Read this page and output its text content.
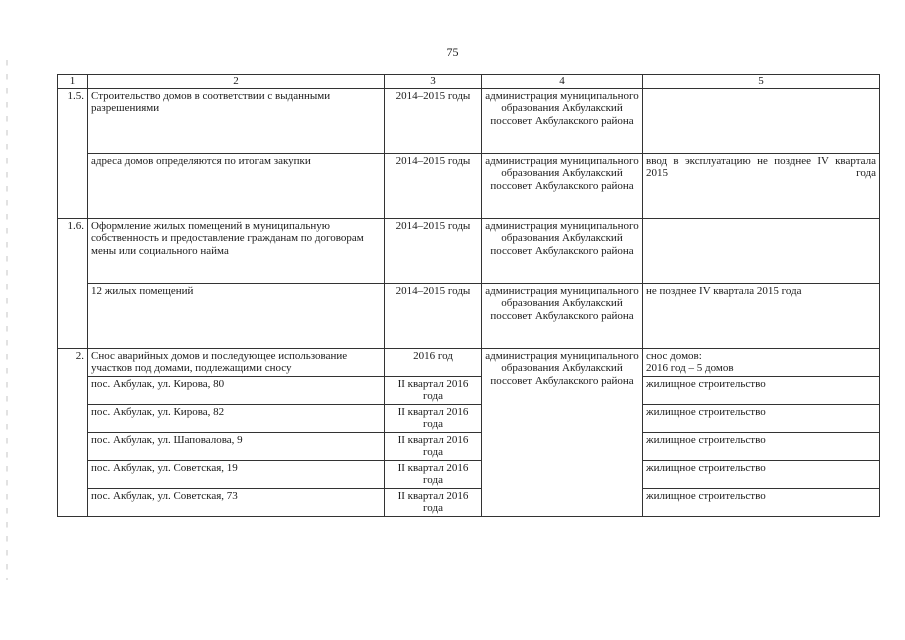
75
1	2	3	4	5
1.5.	Строительство домов в соответствии с выданными разрешениями	2014–2015 годы	администрация муниципального образования Акбулакский поссовет Акбулакского района	
	адреса домов определяются по итогам закупки	2014–2015 годы	администрация муниципального образования Акбулакский поссовет Акбулакского района	ввод в эксплуатацию не позднее IV квартала 2015 года
1.6.	Оформление жилых помещений в муниципальную собственность и предоставление гражданам по договорам мены или социального найма	2014–2015 годы	администрация муниципального образования Акбулакский поссовет Акбулакского района	
	12 жилых помещений	2014–2015 годы	администрация муниципального образования Акбулакский поссовет Акбулакского района	не позднее IV квартала 2015 года
2.	Снос аварийных домов и последующее использование участков под домами, подлежащими сносу	2016 год	администрация муниципального образования Акбулакский поссовет Акбулакского района	снос домов:
2016 год – 5 домов

	пос. Акбулак, ул. Кирова, 80	II квартал 2016 года		жилищное строительство
	пос. Акбулак, ул. Кирова, 82	II квартал 2016 года		жилищное строительство
	пос. Акбулак, ул. Шаповалова, 9	II квартал 2016 года		жилищное строительство
	пос. Акбулак, ул. Советская, 19	II квартал 2016 года		жилищное строительство
	пос. Акбулак, ул. Советская, 73	II квартал 2016 года		жилищное строительство
